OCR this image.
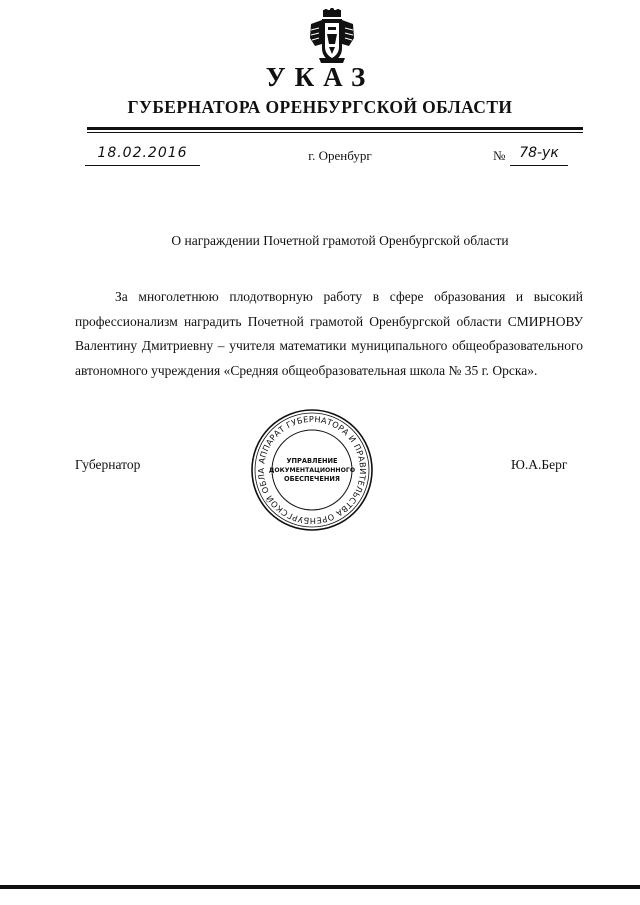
УКАЗ
ГУБЕРНАТОРА ОРЕНБУРГСКОЙ ОБЛАСТИ
18.02.2016	г. Оренбург	№ 78-ук
О награждении Почетной грамотой Оренбургской области

За многолетнюю плодотворную работу в сфере образования и высокий профессионализм наградить Почетной грамотой Оренбургской области СМИРНОВУ Валентину Дмитриевну – учителя математики муниципального общеобразовательного автономного учреждения «Средняя общеобразовательная школа № 35 г. Орска».

Губернатор	Ю.А.Берг
АППАРАТ ГУБЕРНАТОРА И ПРАВИТЕЛЬСТВА ОРЕНБУРГСКОЙ ОБЛА
УПРАВЛЕНИЕ
ДОКУМЕНТАЦИОННОГО
ОБЕСПЕЧЕНИЯ
